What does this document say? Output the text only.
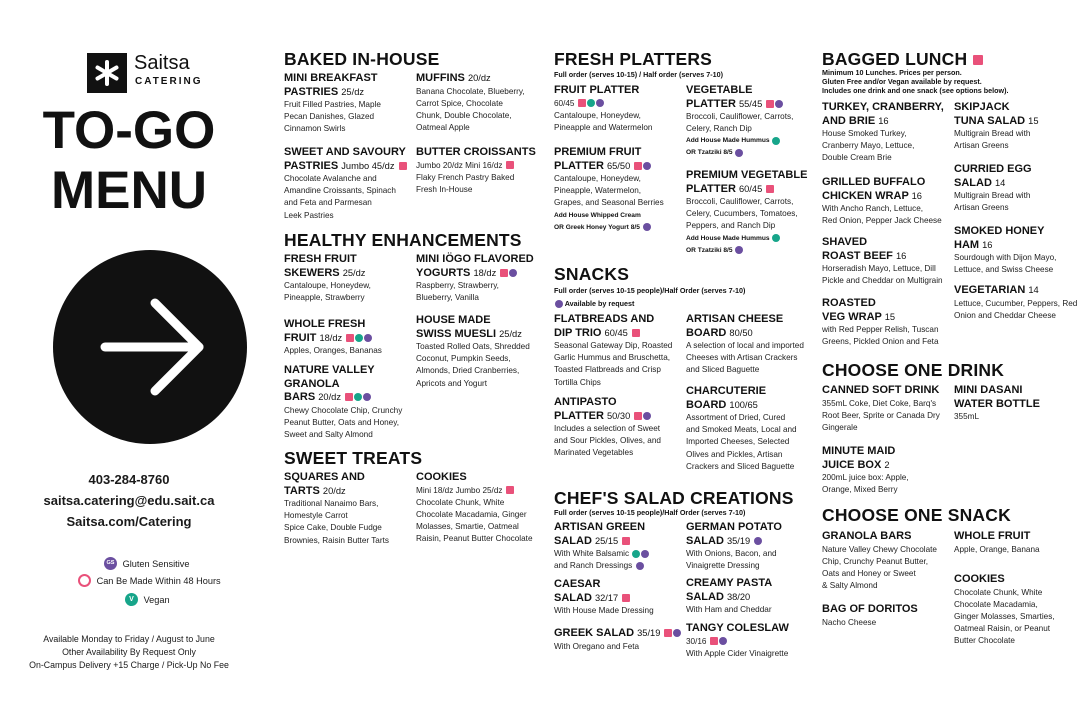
Saitsa
CATERING
TO-GO
MENU
403-284-8760
saitsa.catering@edu.sait.ca
Saitsa.com/Catering
GS Gluten Sensitive
Can Be Made Within 48 Hours
V Vegan
Available Monday to Friday / August to June
Other Availability By Request Only
On-Campus Delivery +15 Charge / Pick-Up No Fee
BAKED IN-HOUSE
MINI BREAKFAST
PASTRIES 25/dz
Fruit Filled Pastries, Maple
Pecan Danishes, Glazed
Cinnamon Swirls
MUFFINS 20/dz
Banana Chocolate, Blueberry,
Carrot Spice, Chocolate
Chunk, Double Chocolate,
Oatmeal Apple
SWEET AND SAVOURY
PASTRIES Jumbo 45/dz
Chocolate Avalanche and
Amandine Croissants, Spinach
and Feta and Parmesan
Leek Pastries
BUTTER CROISSANTS
Jumbo 20/dz Mini 16/dz
Flaky French Pastry Baked
Fresh In-House
HEALTHY ENHANCEMENTS
FRESH FRUIT
SKEWERS 25/dz
Cantaloupe, Honeydew,
Pineapple, Strawberry
MINI IÖGO FLAVORED
YOGURTS 18/dz
Raspberry, Strawberry,
Blueberry, Vanilla
WHOLE FRESH
FRUIT 18/dz
Apples, Oranges, Bananas
HOUSE MADE
SWISS MUESLI 25/dz
Toasted Rolled Oats, Shredded
Coconut, Pumpkin Seeds,
Almonds, Dried Cranberries,
Apricots and Yogurt
NATURE VALLEY
GRANOLA
BARS 20/dz
Chewy Chocolate Chip, Crunchy
Peanut Butter, Oats and Honey,
Sweet and Salty Almond
SWEET TREATS
SQUARES AND
TARTS 20/dz
Traditional Nanaimo Bars,
Homestyle Carrot
Spice Cake, Double Fudge
Brownies, Raisin Butter Tarts
COOKIES
Mini 18/dz Jumbo 25/dz
Chocolate Chunk, White
Chocolate Macadamia, Ginger
Molasses, Smartie, Oatmeal
Raisin, Peanut Butter Chocolate
FRESH PLATTERS
Full order (serves 10-15) / Half order (serves 7-10)
FRUIT PLATTER
60/45
Cantaloupe, Honeydew,
Pineapple and Watermelon
VEGETABLE
PLATTER 55/45
Broccoli, Cauliflower, Carrots,
Celery, Ranch Dip
Add House Made Hummus
OR Tzatziki 8/5
PREMIUM FRUIT
PLATTER 65/50
Cantaloupe, Honeydew,
Pineapple, Watermelon,
Grapes, and Seasonal Berries
Add House Whipped Cream
OR Greek Honey Yogurt 8/5
PREMIUM VEGETABLE
PLATTER 60/45
Broccoli, Cauliflower, Carrots,
Celery, Cucumbers, Tomatoes,
Peppers, and Ranch Dip
Add House Made Hummus
OR Tzatziki 8/5
SNACKS
Full order (serves 10-15 people)/Half Order (serves 7-10)
Available by request
FLATBREADS AND
DIP TRIO 60/45
Seasonal Gateway Dip, Roasted
Garlic Hummus and Bruschetta,
Toasted Flatbreads and Crisp
Tortilla Chips
ARTISAN CHEESE
BOARD 80/50
A selection of local and imported
Cheeses with Artisan Crackers
and Sliced Baguette
ANTIPASTO
PLATTER 50/30
Includes a selection of Sweet
and Sour Pickles, Olives, and
Marinated Vegetables
CHARCUTERIE
BOARD 100/65
Assortment of Dried, Cured
and Smoked Meats, Local and
Imported Cheeses, Selected
Olives and Pickles, Artisan
Crackers and Sliced Baguette
CHEF'S SALAD CREATIONS
Full order (serves 10-15 people)/Half Order (serves 7-10)
ARTISAN GREEN
SALAD 25/15
With White Balsamic
and Ranch Dressings
GERMAN POTATO
SALAD 35/19
With Onions, Bacon, and
Vinaigrette Dressing
CAESAR
SALAD 32/17
With House Made Dressing
CREAMY PASTA
SALAD 38/20
With Ham and Cheddar
GREEK SALAD 35/19
With Oregano and Feta
TANGY COLESLAW
30/16
With Apple Cider Vinaigrette
BAGGED LUNCH
Minimum 10 Lunches. Prices per person.
Gluten Free and/or Vegan available by request.
Includes one drink and one snack (see options below).
TURKEY, CRANBERRY,
AND BRIE 16
House Smoked Turkey,
Cranberry Mayo, Lettuce,
Double Cream Brie
SKIPJACK
TUNA SALAD 15
Multigrain Bread with
Artisan Greens
GRILLED BUFFALO
CHICKEN WRAP 16
With Ancho Ranch, Lettuce,
Red Onion, Pepper Jack Cheese
CURRIED EGG
SALAD 14
Multigrain Bread with
Artisan Greens
SHAVED
ROAST BEEF 16
Horseradish Mayo, Lettuce, Dill
Pickle and Cheddar on Multigrain
SMOKED HONEY
HAM 16
Sourdough with Dijon Mayo,
Lettuce, and Swiss Cheese
ROASTED
VEG WRAP 15
with Red Pepper Relish, Tuscan
Greens, Pickled Onion and Feta
VEGETARIAN 14
Lettuce, Cucumber, Peppers, Red
Onion and Cheddar Cheese
CHOOSE ONE DRINK
CANNED SOFT DRINK
355mL Coke, Diet Coke, Barq's
Root Beer, Sprite or Canada Dry
Gingerale
MINI DASANI
WATER BOTTLE
355mL
MINUTE MAID
JUICE BOX 2
200mL juice box: Apple,
Orange, Mixed Berry
CHOOSE ONE SNACK
GRANOLA BARS
Nature Valley Chewy Chocolate
Chip, Crunchy Peanut Butter,
Oats and Honey or Sweet
& Salty Almond
WHOLE FRUIT
Apple, Orange, Banana
BAG OF DORITOS
Nacho Cheese
COOKIES
Chocolate Chunk, White
Chocolate Macadamia,
Ginger Molasses, Smarties,
Oatmeal Raisin, or Peanut
Butter Chocolate
